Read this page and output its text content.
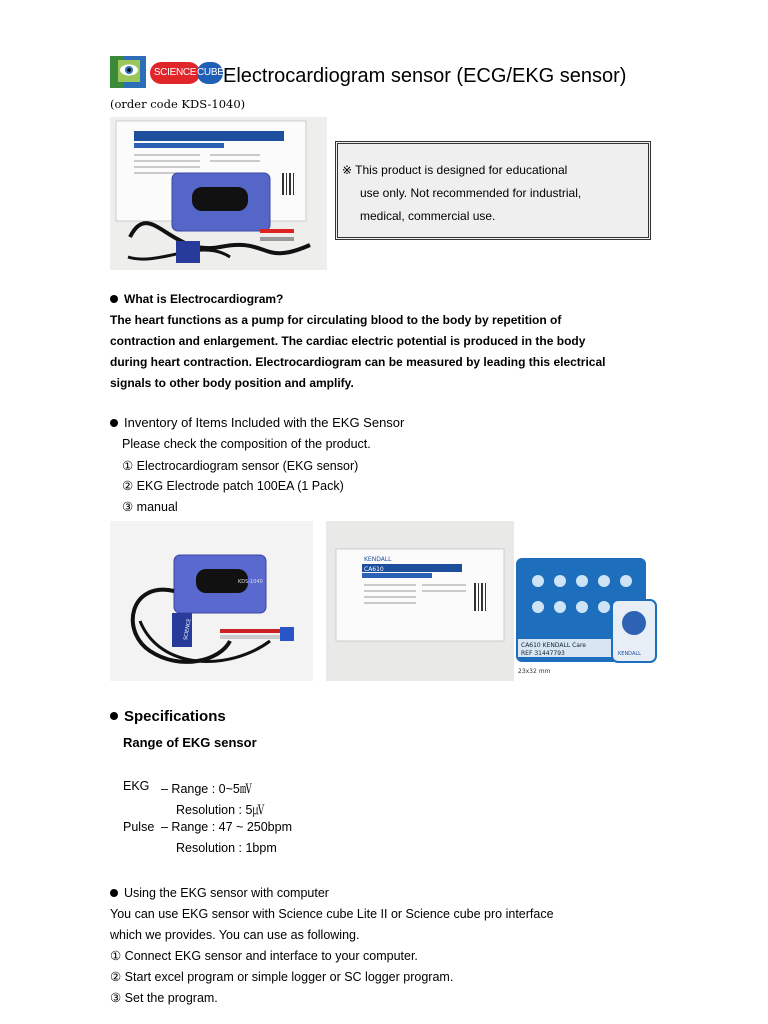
SCIENCE CUBE Electrocardiogram sensor (ECG/EKG sensor)
(order code KDS-1040)
※ This product is designed for educational
use only. Not recommended for industrial,
medical, commercial use.
What is Electrocardiogram?
The heart functions as a pump for circulating blood to the body by repetition of
contraction and enlargement. The cardiac electric potential is produced in the body
during heart contraction. Electrocardiogram can be measured by leading this electrical
signals to other body position and amplify.
Inventory of Items Included with the EKG Sensor
Please check the composition of the product.
① Electrocardiogram sensor (EKG sensor)
② EKG Electrode patch 100EA (1 Pack)
③ manual
KDS-1040
SCIENCE
KENDALL
CA610
CA610 KENDALL Care
REF 31447793	KENDALL
23x32 mm
Specifications
Range of EKG sensor
EKG – Range : 0~5㎷
Resolution : 5㎶
Pulse – Range : 47 ~ 250bpm
Resolution : 1bpm
Using the EKG sensor with computer
You can use EKG sensor with Science cube Lite II or Science cube pro interface
which we provides. You can use as following.
① Connect EKG sensor and interface to your computer.
② Start excel program or simple logger or SC logger program.
③ Set the program.
